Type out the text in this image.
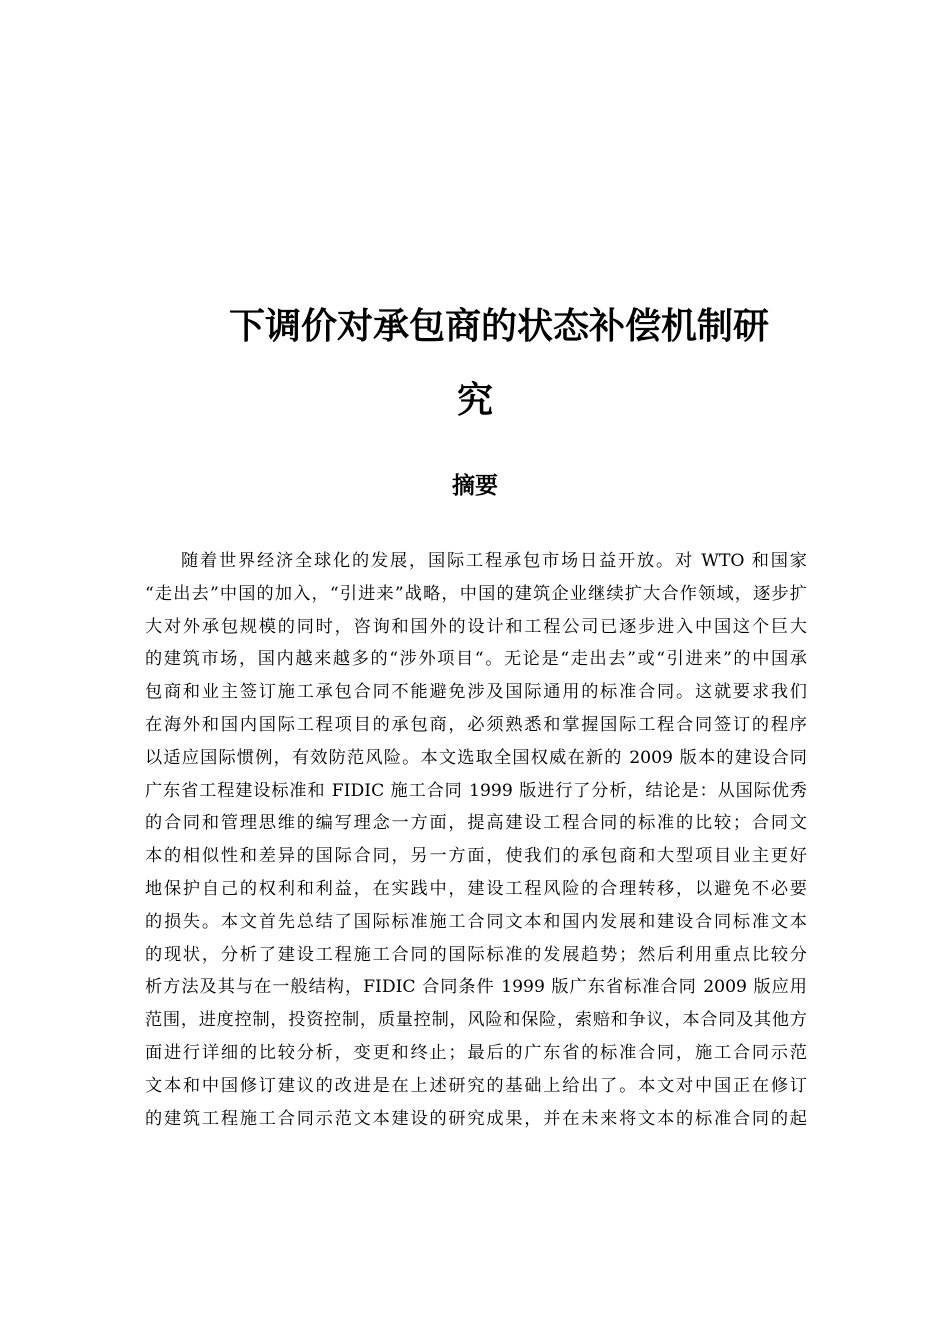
下调价对承包商的状态补偿机制研
究
摘要
随着世界经济全球化的发展，国际工程承包市场日益开放。对 WTO 和国家
“走出去”中国的加入，“引进来”战略，中国的建筑企业继续扩大合作领域，逐步扩
大对外承包规模的同时，咨询和国外的设计和工程公司已逐步进入中国这个巨大
的建筑市场，国内越来越多的“涉外项目“。无论是“走出去”或“引进来”的中国承
包商和业主签订施工承包合同不能避免涉及国际通用的标准合同。这就要求我们
在海外和国内国际工程项目的承包商，必须熟悉和掌握国际工程合同签订的程序
以适应国际惯例，有效防范风险。本文选取全国权威在新的 2009 版本的建设合同
广东省工程建设标准和 FIDIC 施工合同 1999 版进行了分析，结论是：从国际优秀
的合同和管理思维的编写理念一方面，提高建设工程合同的标准的比较；合同文
本的相似性和差异的国际合同，另一方面，使我们的承包商和大型项目业主更好
地保护自己的权利和利益，在实践中，建设工程风险的合理转移，以避免不必要
的损失。本文首先总结了国际标准施工合同文本和国内发展和建设合同标准文本
的现状，分析了建设工程施工合同的国际标准的发展趋势；然后利用重点比较分
析方法及其与在一般结构，FIDIC 合同条件 1999 版广东省标准合同 2009 版应用
范围，进度控制，投资控制，质量控制，风险和保险，索赔和争议，本合同及其他方
面进行详细的比较分析，变更和终止；最后的广东省的标准合同，施工合同示范
文本和中国修订建议的改进是在上述研究的基础上给出了。本文对中国正在修订
的建筑工程施工合同示范文本建设的研究成果，并在未来将文本的标准合同的起
